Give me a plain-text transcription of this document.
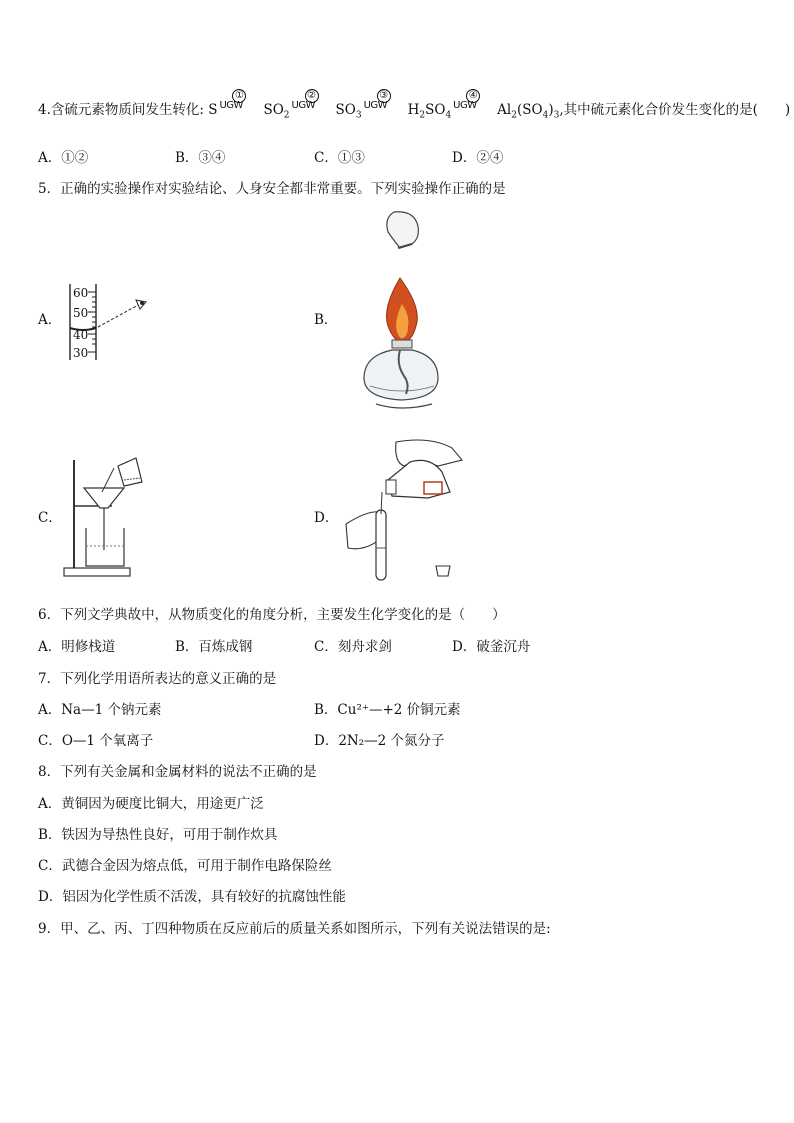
4.含硫元素物质间发生转化: S
①
UGW $SO_2$
②
UGW $SO_3$
③
UGW $H_2SO_4$
④
UGW $Al_2(SO_4)_3$,其中硫元素化合价发生变化的是(　　)
A．①②	B．③④	C．①③	D．②④
5．正确的实验操作对实验结论、人身安全都非常重要。下列实验操作正确的是
A．	B．
C．	D．
60
50
40
30
6．下列文学典故中，从物质变化的角度分析，主要发生化学变化的是（　　）
A．明修栈道	B．百炼成钢	C．刻舟求剑	D．破釜沉舟
7．下列化学用语所表达的意义正确的是
A．Na—1 个钠元素	B．Cu²⁺—+2 价铜元素
C．O—1 个氧离子	D．2N₂—2 个氮分子
8．下列有关金属和金属材料的说法不正确的是
A．黄铜因为硬度比铜大，用途更广泛
B．铁因为导热性良好，可用于制作炊具
C．武德合金因为熔点低，可用于制作电路保险丝
D．铝因为化学性质不活泼，具有较好的抗腐蚀性能
9．甲、乙、丙、丁四种物质在反应前后的质量关系如图所示，下列有关说法错误的是:
